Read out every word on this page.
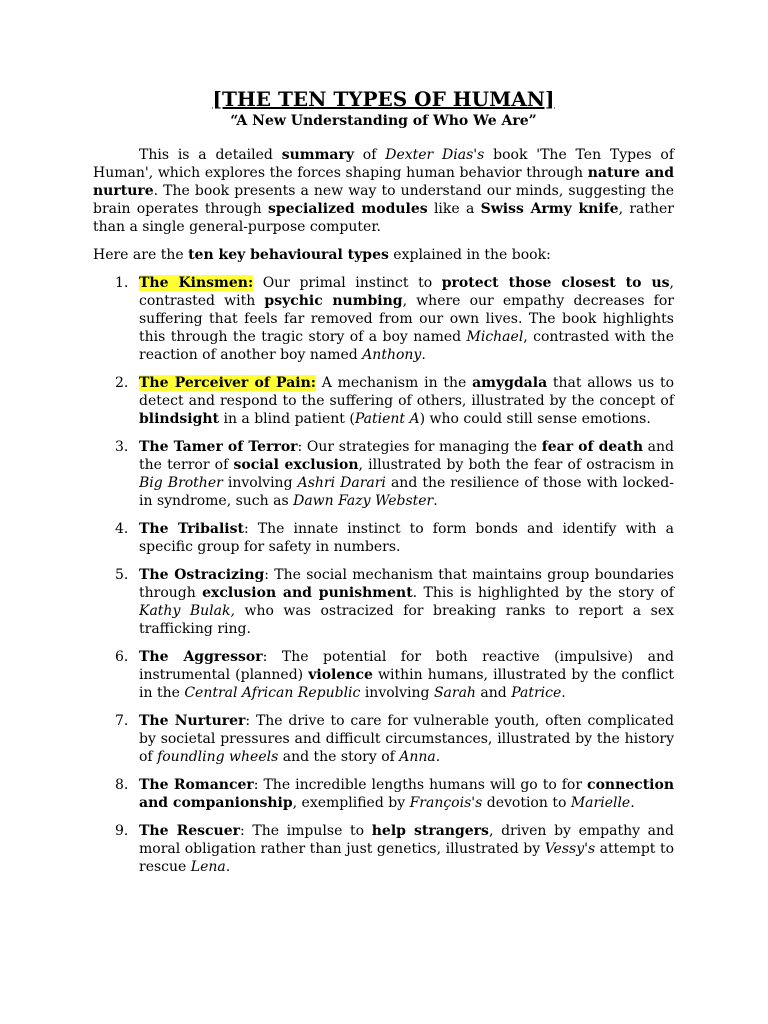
[THE TEN TYPES OF HUMAN]

“A New Understanding of Who We Are”

This is a detailed summary of Dexter Dias's book 'The Ten Types of Human', which explores the forces shaping human behavior through nature and nurture. The book presents a new way to understand our minds, suggesting the brain operates through specialized modules like a Swiss Army knife, rather than a single general-purpose computer.

Here are the ten key behavioural types explained in the book:

1. The Kinsmen: Our primal instinct to protect those closest to us, contrasted with psychic numbing, where our empathy decreases for suffering that feels far removed from our own lives. The book highlights this through the tragic story of a boy named Michael, contrasted with the reaction of another boy named Anthony.
2. The Perceiver of Pain: A mechanism in the amygdala that allows us to detect and respond to the suffering of others, illustrated by the concept of blindsight in a blind patient (Patient A) who could still sense emotions.
3. The Tamer of Terror: Our strategies for managing the fear of death and the terror of social exclusion, illustrated by both the fear of ostracism in Big Brother involving Ashri Darari and the resilience of those with locked-in syndrome, such as Dawn Fazy Webster.
4. The Tribalist: The innate instinct to form bonds and identify with a specific group for safety in numbers.
5. The Ostracizing: The social mechanism that maintains group boundaries through exclusion and punishment. This is highlighted by the story of Kathy Bulak, who was ostracized for breaking ranks to report a sex trafficking ring.
6. The Aggressor: The potential for both reactive (impulsive) and instrumental (planned) violence within humans, illustrated by the conflict in the Central African Republic involving Sarah and Patrice.
7. The Nurturer: The drive to care for vulnerable youth, often complicated by societal pressures and difficult circumstances, illustrated by the history of foundling wheels and the story of Anna.
8. The Romancer: The incredible lengths humans will go to for connection and companionship, exemplified by François's devotion to Marielle.
9. The Rescuer: The impulse to help strangers, driven by empathy and moral obligation rather than just genetics, illustrated by Vessy's attempt to rescue Lena.
